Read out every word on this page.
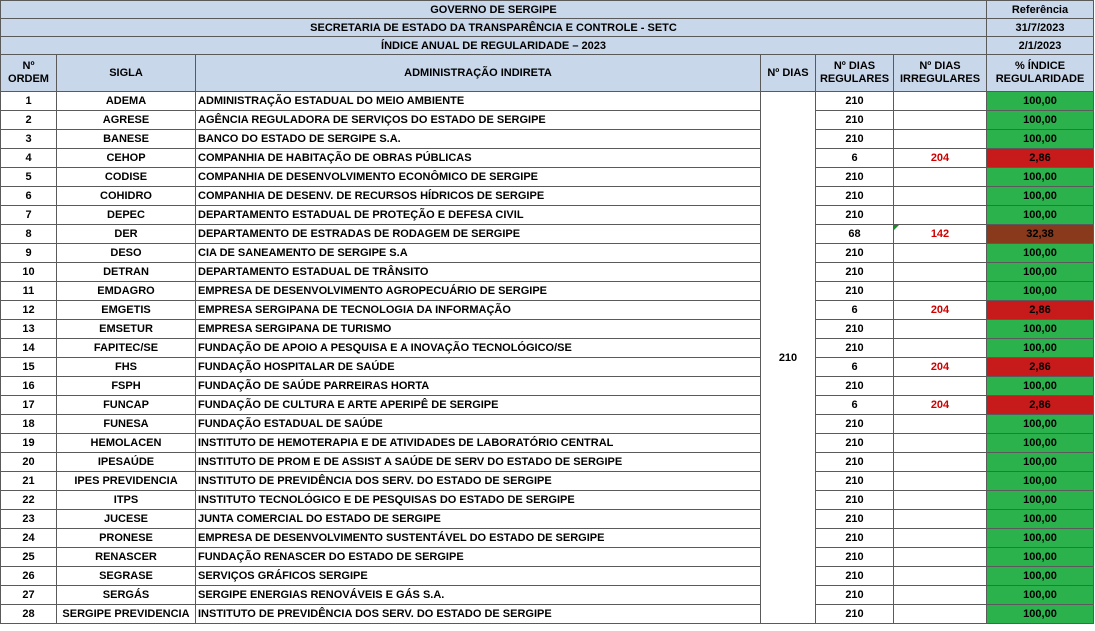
GOVERNO DE SERGIPE						Referência
SECRETARIA DE ESTADO DA TRANSPARÊNCIA E CONTROLE - SETC						31/7/2023
ÍNDICE ANUAL DE REGULARIDADE – 2023						2/1/2023
Nº ORDEM	SIGLA	ADMINISTRAÇÃO INDIRETA	Nº DIAS	Nº DIAS REGULARES	Nº DIAS IRREGULARES	% ÍNDICE REGULARIDADE
1	ADEMA	ADMINISTRAÇÃO ESTADUAL DO MEIO AMBIENTE	210	210		100,00
2	AGRESE	AGÊNCIA REGULADORA DE SERVIÇOS DO ESTADO DE SERGIPE		210		100,00
3	BANESE	BANCO DO ESTADO DE SERGIPE S.A.		210		100,00
4	CEHOP	COMPANHIA DE HABITAÇÃO DE OBRAS PÚBLICAS		6	204	2,86
5	CODISE	COMPANHIA DE DESENVOLVIMENTO ECONÔMICO DE SERGIPE		210		100,00
6	COHIDRO	COMPANHIA DE DESENV. DE RECURSOS HÍDRICOS DE SERGIPE		210		100,00
7	DEPEC	DEPARTAMENTO ESTADUAL DE PROTEÇÃO E DEFESA CIVIL		210		100,00
8	DER	DEPARTAMENTO DE ESTRADAS DE RODAGEM DE SERGIPE		68	142	32,38
9	DESO	CIA DE SANEAMENTO DE SERGIPE S.A		210		100,00
10	DETRAN	DEPARTAMENTO ESTADUAL DE TRÂNSITO		210		100,00
11	EMDAGRO	EMPRESA DE DESENVOLVIMENTO AGROPECUÁRIO DE SERGIPE		210		100,00
12	EMGETIS	EMPRESA SERGIPANA DE TECNOLOGIA DA INFORMAÇÃO		6	204	2,86
13	EMSETUR	EMPRESA SERGIPANA DE TURISMO		210		100,00
14	FAPITEC/SE	FUNDAÇÃO DE APOIO A PESQUISA E A INOVAÇÃO TECNOLÓGICO/SE		210		100,00
15	FHS	FUNDAÇÃO HOSPITALAR DE SAÚDE		6	204	2,86
16	FSPH	FUNDAÇÃO DE SAÚDE PARREIRAS HORTA		210		100,00
17	FUNCAP	FUNDAÇÃO DE CULTURA E ARTE APERIPÊ DE SERGIPE		6	204	2,86
18	FUNESA	FUNDAÇÃO ESTADUAL DE SAÚDE		210		100,00
19	HEMOLACEN	INSTITUTO DE HEMOTERAPIA E DE ATIVIDADES DE LABORATÓRIO CENTRAL		210		100,00
20	IPESAÚDE	INSTITUTO DE PROM E DE ASSIST A SAÚDE DE SERV DO ESTADO DE SERGIPE		210		100,00
21	IPES PREVIDENCIA	INSTITUTO DE PREVIDÊNCIA DOS SERV. DO ESTADO DE SERGIPE		210		100,00
22	ITPS	INSTITUTO TECNOLÓGICO E DE PESQUISAS DO ESTADO DE SERGIPE		210		100,00
23	JUCESE	JUNTA COMERCIAL DO ESTADO DE SERGIPE		210		100,00
24	PRONESE	EMPRESA DE DESENVOLVIMENTO SUSTENTÁVEL DO ESTADO DE SERGIPE		210		100,00
25	RENASCER	FUNDAÇÃO RENASCER DO ESTADO DE SERGIPE		210		100,00
26	SEGRASE	SERVIÇOS GRÁFICOS SERGIPE		210		100,00
27	SERGÁS	SERGIPE ENERGIAS RENOVÁVEIS E GÁS S.A.		210		100,00
28	SERGIPE PREVIDENCIA	INSTITUTO DE PREVIDÊNCIA DOS SERV. DO ESTADO DE SERGIPE		210		100,00
